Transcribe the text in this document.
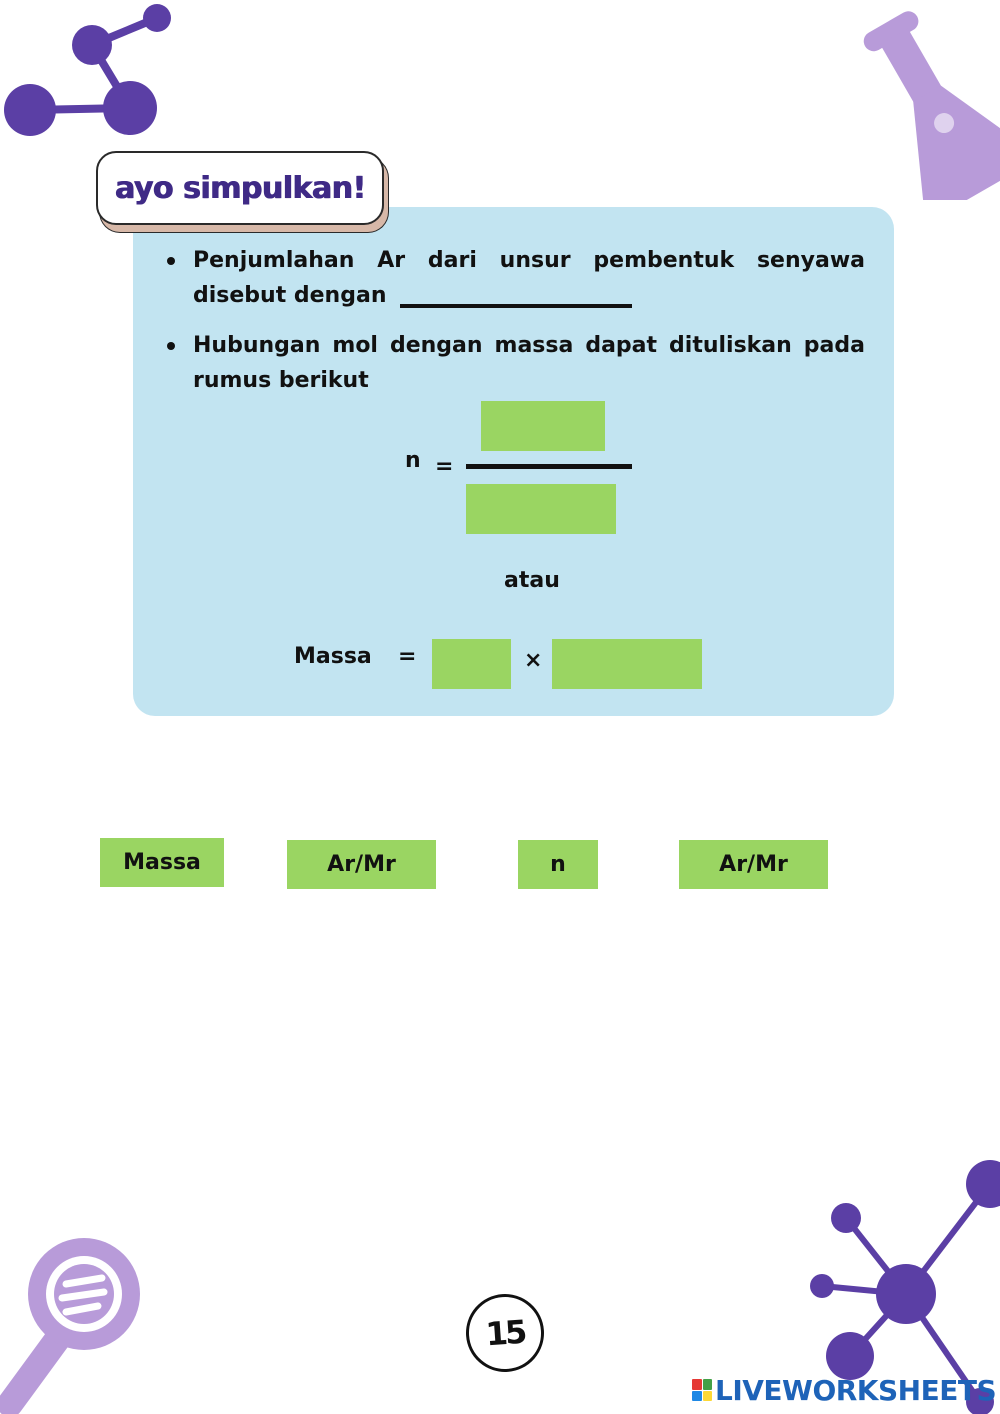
ayo simpulkan!
Penjumlahan Ar dari unsur pembentuk senyawa disebut dengan
Hubungan mol dengan massa dapat dituliskan pada rumus berikut
n =
atau
Massa =	×
Massa	Ar/Mr	n	Ar/Mr
15
LIVEWORKSHEETS
